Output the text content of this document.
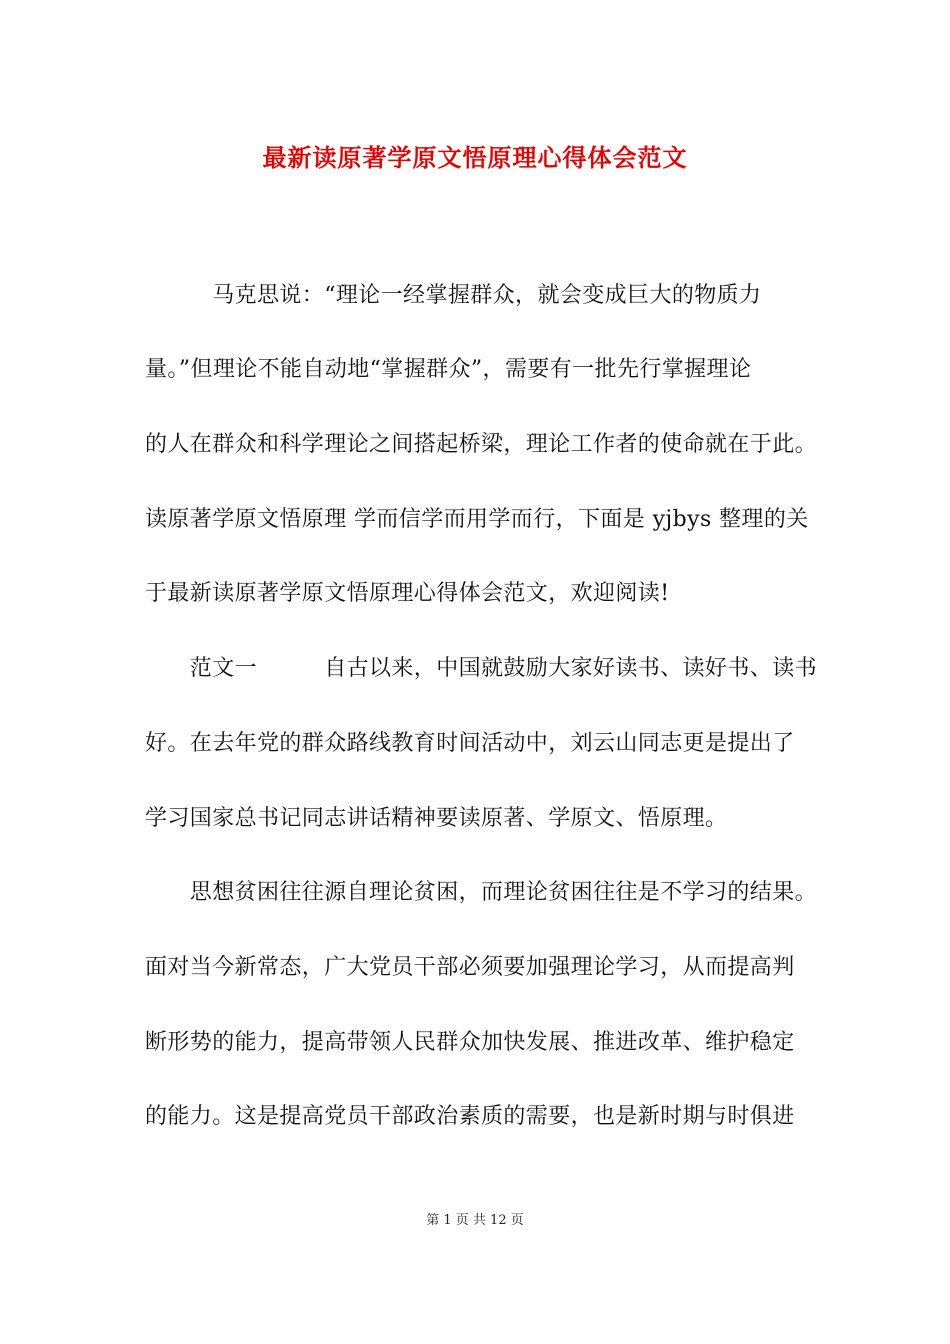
最新读原著学原文悟原理心得体会范文
　　　马克思说：“理论一经掌握群众，就会变成巨大的物质力
量。”但理论不能自动地“掌握群众”，需要有一批先行掌握理论
的人在群众和科学理论之间搭起桥梁，理论工作者的使命就在于此。
读原著学原文悟原理 学而信学而用学而行，下面是 yjbys 整理的关
于最新读原著学原文悟原理心得体会范文，欢迎阅读!
　　范文一　　　自古以来，中国就鼓励大家好读书、读好书、读书
好。在去年党的群众路线教育时间活动中，刘云山同志更是提出了
学习国家总书记同志讲话精神要读原著、学原文、悟原理。
　　思想贫困往往源自理论贫困，而理论贫困往往是不学习的结果。
面对当今新常态，广大党员干部必须要加强理论学习，从而提高判
断形势的能力，提高带领人民群众加快发展、推进改革、维护稳定
的能力。这是提高党员干部政治素质的需要，也是新时期与时俱进
第 1 页 共 12 页
